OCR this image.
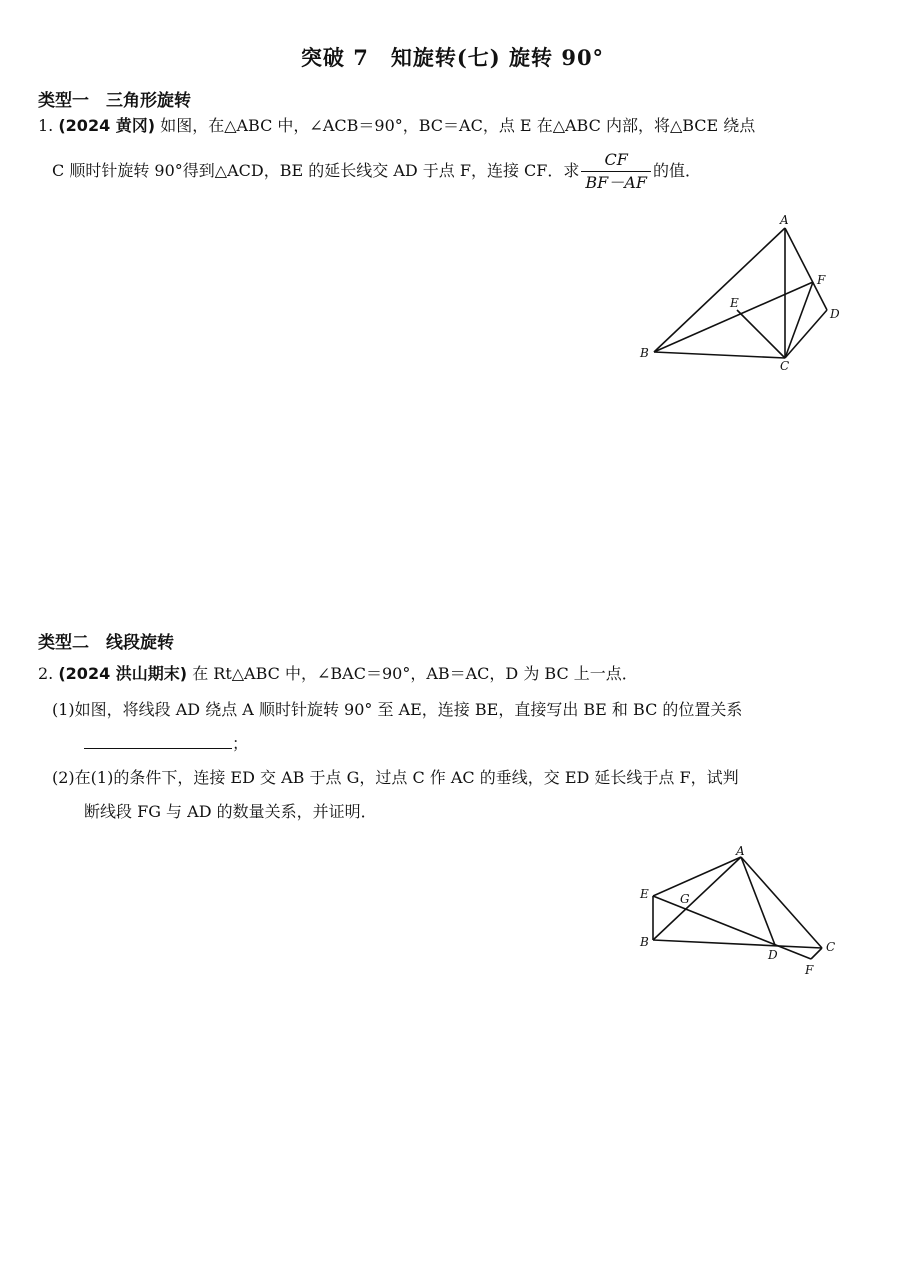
突破 7　知旋转(七) 旋转 90°
类型一　三角形旋转
1. (2024 黄冈) 如图，在△ABC 中，∠ACB＝90°，BC＝AC，点 E 在△ABC 内部，将△BCE 绕点
C 顺时针旋转 90°得到△ACD，BE 的延长线交 AD 于点 F，连接 CF．求 $\frac{CF}{BF-AF}$ 的值．
A
B
C
D
E
F
类型二　线段旋转
2. (2024 洪山期末) 在 Rt△ABC 中，∠BAC＝90°，AB＝AC，D 为 BC 上一点．
(1)如图，将线段 AD 绕点 A 顺时针旋转 90° 至 AE，连接 BE，直接写出 BE 和 BC 的位置关系
；
(2)在(1)的条件下，连接 ED 交 AB 于点 G，过点 C 作 AC 的垂线，交 ED 延长线于点 F，试判
断线段 FG 与 AD 的数量关系，并证明．
A
B	C
D
E
F
G
